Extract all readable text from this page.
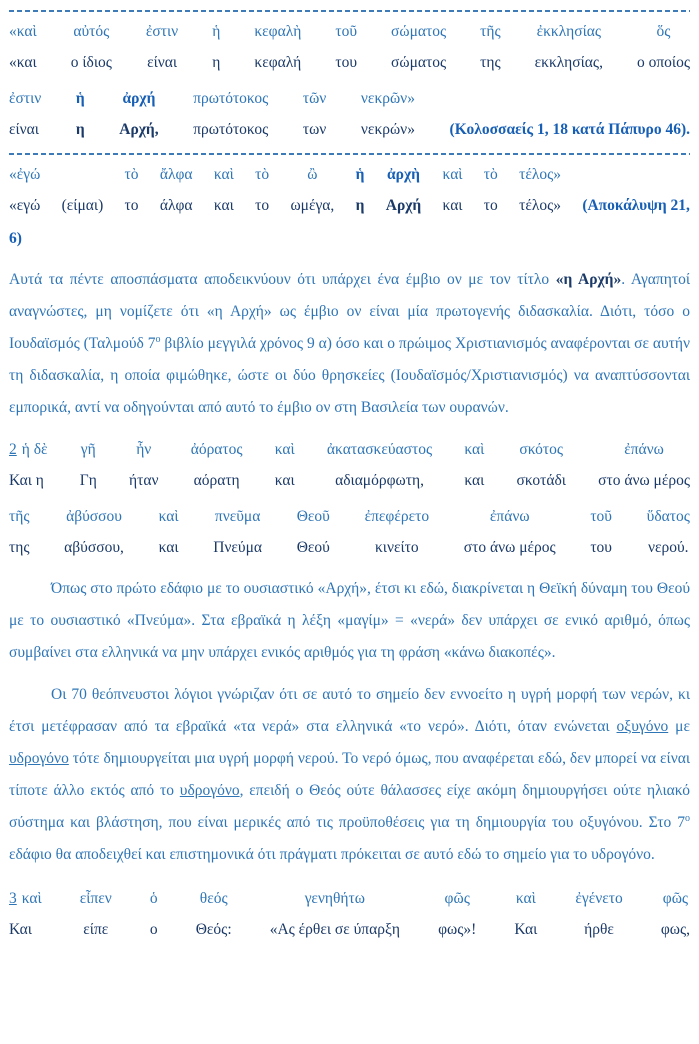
«καὶ
«και
αὐτός
ο ίδιος
ἐστιν
είναι
ἡ
η
κεφαλὴ
κεφαλή
τοῦ
του
σώματος
σώματος
τῆς
της
ἐκκλησίας
εκκλησίας,
ὅς
ο οποίος
ἐστιν
είναι
ἡ
η
ἀρχή
Αρχή,
πρωτότοκος
πρωτότοκος
τῶν
των
νεκρῶν»
νεκρών»
(Κολοσσαείς 1, 18 κατά Πάπυρο 46).
«ἐγώ
«εγώ
(είμαι)
τὸ
το
ἄλφα
άλφα
καὶ
και
τὸ
το
ὢ
ωμέγα,
ἡ
η
ἀρχὴ
Αρχή
καὶ
και
τὸ
το
τέλος»
τέλος»
(Αποκάλυψη 21,
6)

Αυτά τα πέντε αποσπάσματα αποδεικνύουν ότι υπάρχει ένα έμβιο ον με τον τίτλο «η Αρχή». Αγαπητοί αναγνώστες, μη νομίζετε ότι «η Αρχή» ως έμβιο ον είναι μία πρωτογενής διδασκαλία. Διότι, τόσο ο Ιουδαϊσμός (Ταλμούδ $7^o$ βιβλίο μεγγιλά χρόνος 9 α) όσο και ο πρώιμος Χριστιανισμός αναφέρονται σε αυτήν τη διδασκαλία, η οποία φιμώθηκε, ώστε οι δύο θρησκείες (Ιουδαϊσμός/Χριστιανισμός) να αναπτύσσονται εμπορικά, αντί να οδηγούνται από αυτό το έμβιο ον στη Βασιλεία των ουρανών.

2 ἡ δὲ
Και η
γῆ
Γη
ἦν
ήταν
ἀόρατος
αόρατη
καὶ
και
ἀκατασκεύαστος
αδιαμόρφωτη,
καὶ
και
σκότος
σκοτάδι
ἐπάνω
στο άνω μέρος
τῆς
της
ἀβύσσου
αβύσσου,
καὶ
και
πνεῦμα
Πνεύμα
Θεοῦ
Θεού
ἐπεφέρετο
κινείτο
ἐπάνω
στο άνω μέρος
τοῦ
του
ὕδατος
νερού.

Όπως στο πρώτο εδάφιο με το ουσιαστικό «Αρχή», έτσι κι εδώ, διακρίνεται η Θεϊκή δύναμη του Θεού με το ουσιαστικό «Πνεύμα». Στα εβραϊκά η λέξη «μαγίμ» = «νερά» δεν υπάρχει σε ενικό αριθμό, όπως συμβαίνει στα ελληνικά να μην υπάρχει ενικός αριθμός για τη φράση «κάνω διακοπές».

Οι 70 θεόπνευστοι λόγιοι γνώριζαν ότι σε αυτό το σημείο δεν εννοείτο η υγρή μορφή των νερών, κι έτσι μετέφρασαν από τα εβραϊκά «τα νερά» στα ελληνικά «το νερό». Διότι, όταν ενώνεται οξυγόνο με υδρογόνο τότε δημιουργείται μια υγρή μορφή νερού. Το νερό όμως, που αναφέρεται εδώ, δεν μπορεί να είναι τίποτε άλλο εκτός από το υδρογόνο, επειδή ο Θεός ούτε θάλασσες είχε ακόμη δημιουργήσει ούτε ηλιακό σύστημα και βλάστηση, που είναι μερικές από τις προϋποθέσεις για τη δημιουργία του οξυγόνου. Στο $7^o$ εδάφιο θα αποδειχθεί και επιστημονικά ότι πράγματι πρόκειται σε αυτό εδώ το σημείο για το υδρογόνο.

3 καὶ
Και
εἶπεν
είπε
ὁ
ο
θεός
Θεός:
γενηθήτω
«Ας έρθει σε ύπαρξη
φῶς
φως»!
καὶ
Και
ἐγένετο
ήρθε
φῶς
φως,
